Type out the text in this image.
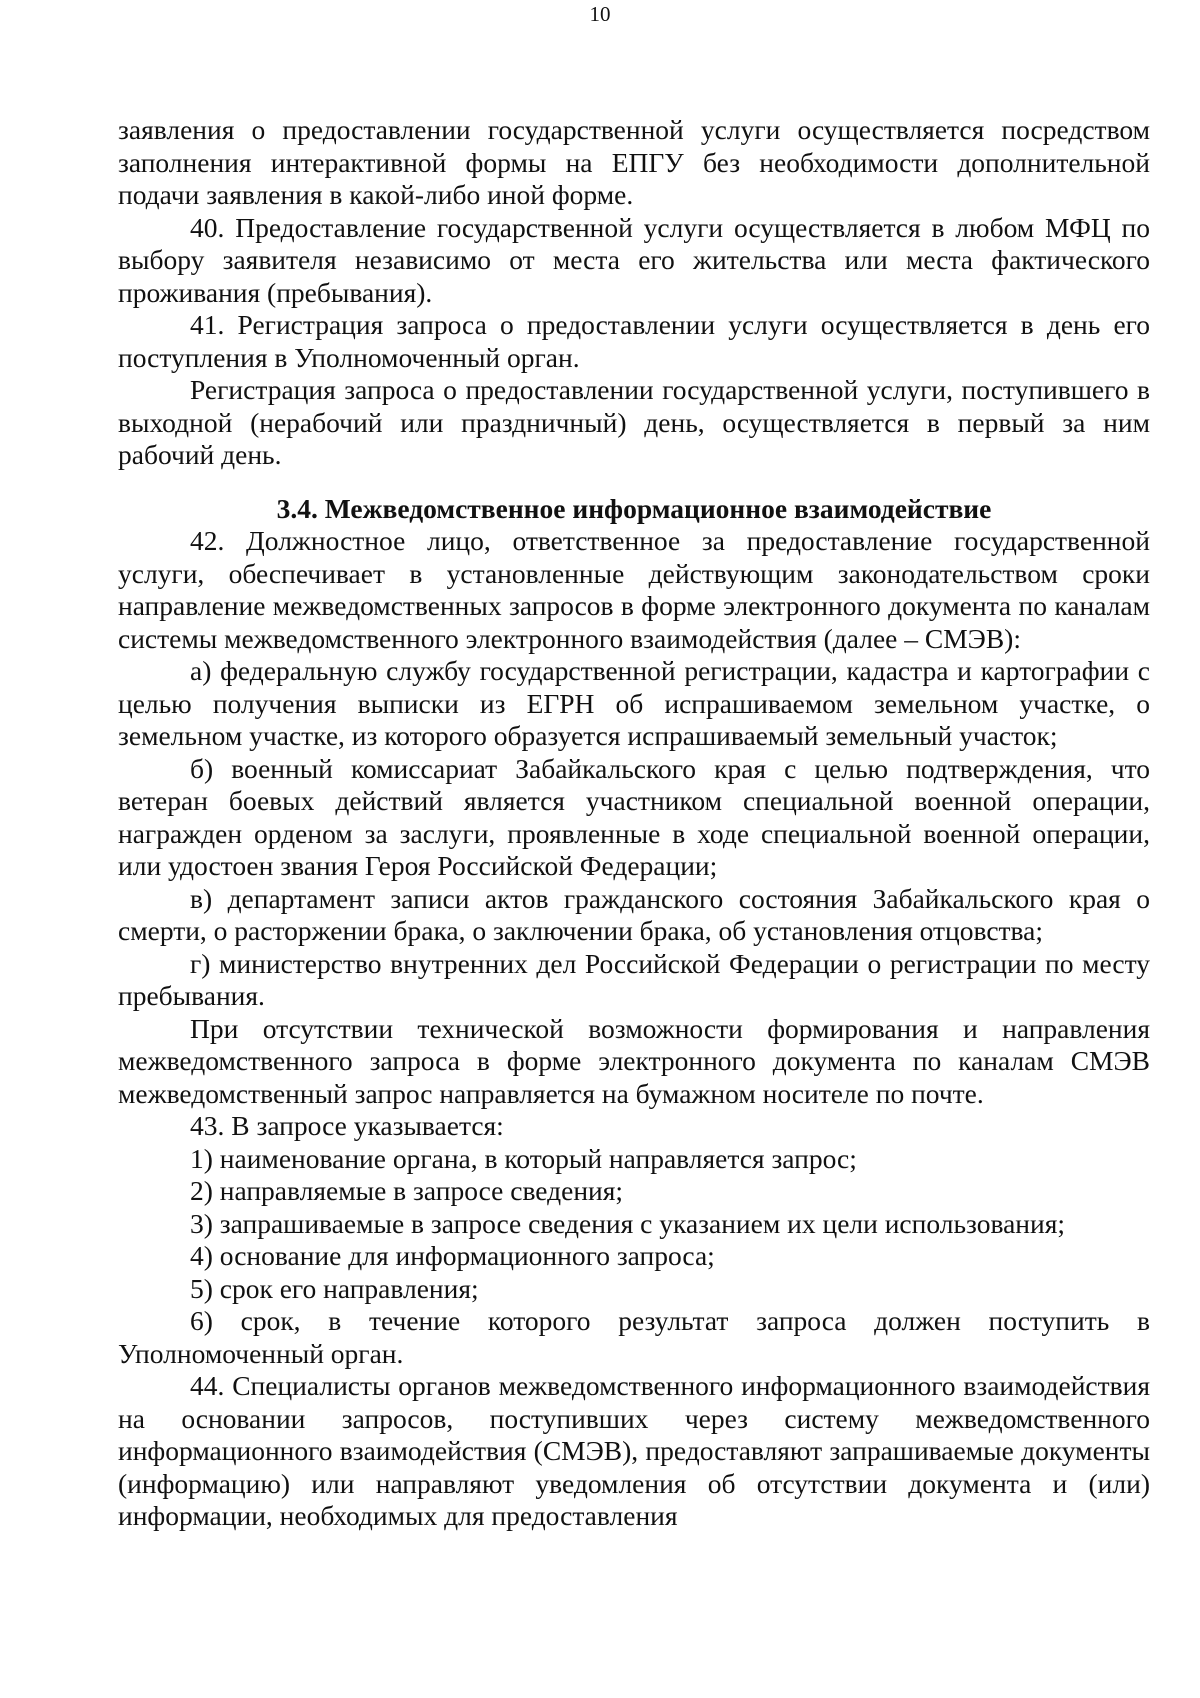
10

заявления о предоставлении государственной услуги осуществляется посредством заполнения интерактивной формы на ЕПГУ без необходимости дополнительной подачи заявления в какой-либо иной форме.

40. Предоставление государственной услуги осуществляется в любом МФЦ по выбору заявителя независимо от места его жительства или места фактического проживания (пребывания).

41. Регистрация запроса о предоставлении услуги осуществляется в день его поступления в Уполномоченный орган.

Регистрация запроса о предоставлении государственной услуги, поступившего в выходной (нерабочий или праздничный) день, осуществляется в первый за ним рабочий день.

3.4. Межведомственное информационное взаимодействие

42. Должностное лицо, ответственное за предоставление государственной услуги, обеспечивает в установленные действующим законодательством сроки направление межведомственных запросов в форме электронного документа по каналам системы межведомственного электронного взаимодействия (далее – СМЭВ):

а) федеральную службу государственной регистрации, кадастра и картографии с целью получения выписки из ЕГРН об испрашиваемом земельном участке, о земельном участке, из которого образуется испрашиваемый земельный участок;

б) военный комиссариат Забайкальского края с целью подтверждения, что ветеран боевых действий является участником специальной военной операции, награжден орденом за заслуги, проявленные в ходе специальной военной операции, или удостоен звания Героя Российской Федерации;

в) департамент записи актов гражданского состояния Забайкальского края о смерти, о расторжении брака, о заключении брака, об установления отцовства;

г) министерство внутренних дел Российской Федерации о регистрации по месту пребывания.

При отсутствии технической возможности формирования и направления межведомственного запроса в форме электронного документа по каналам СМЭВ межведомственный запрос направляется на бумажном носителе по почте.

43. В запросе указывается:

1) наименование органа, в который направляется запрос;

2) направляемые в запросе сведения;

3) запрашиваемые в запросе сведения с указанием их цели использования;

4) основание для информационного запроса;

5) срок его направления;

6) срок, в течение которого результат запроса должен поступить в Уполномоченный орган.

44. Специалисты органов межведомственного информационного взаимодействия на основании запросов, поступивших через систему межведомственного информационного взаимодействия (СМЭВ), предоставляют запрашиваемые документы (информацию) или направляют уведомления об отсутствии документа и (или) информации, необходимых для предоставления
